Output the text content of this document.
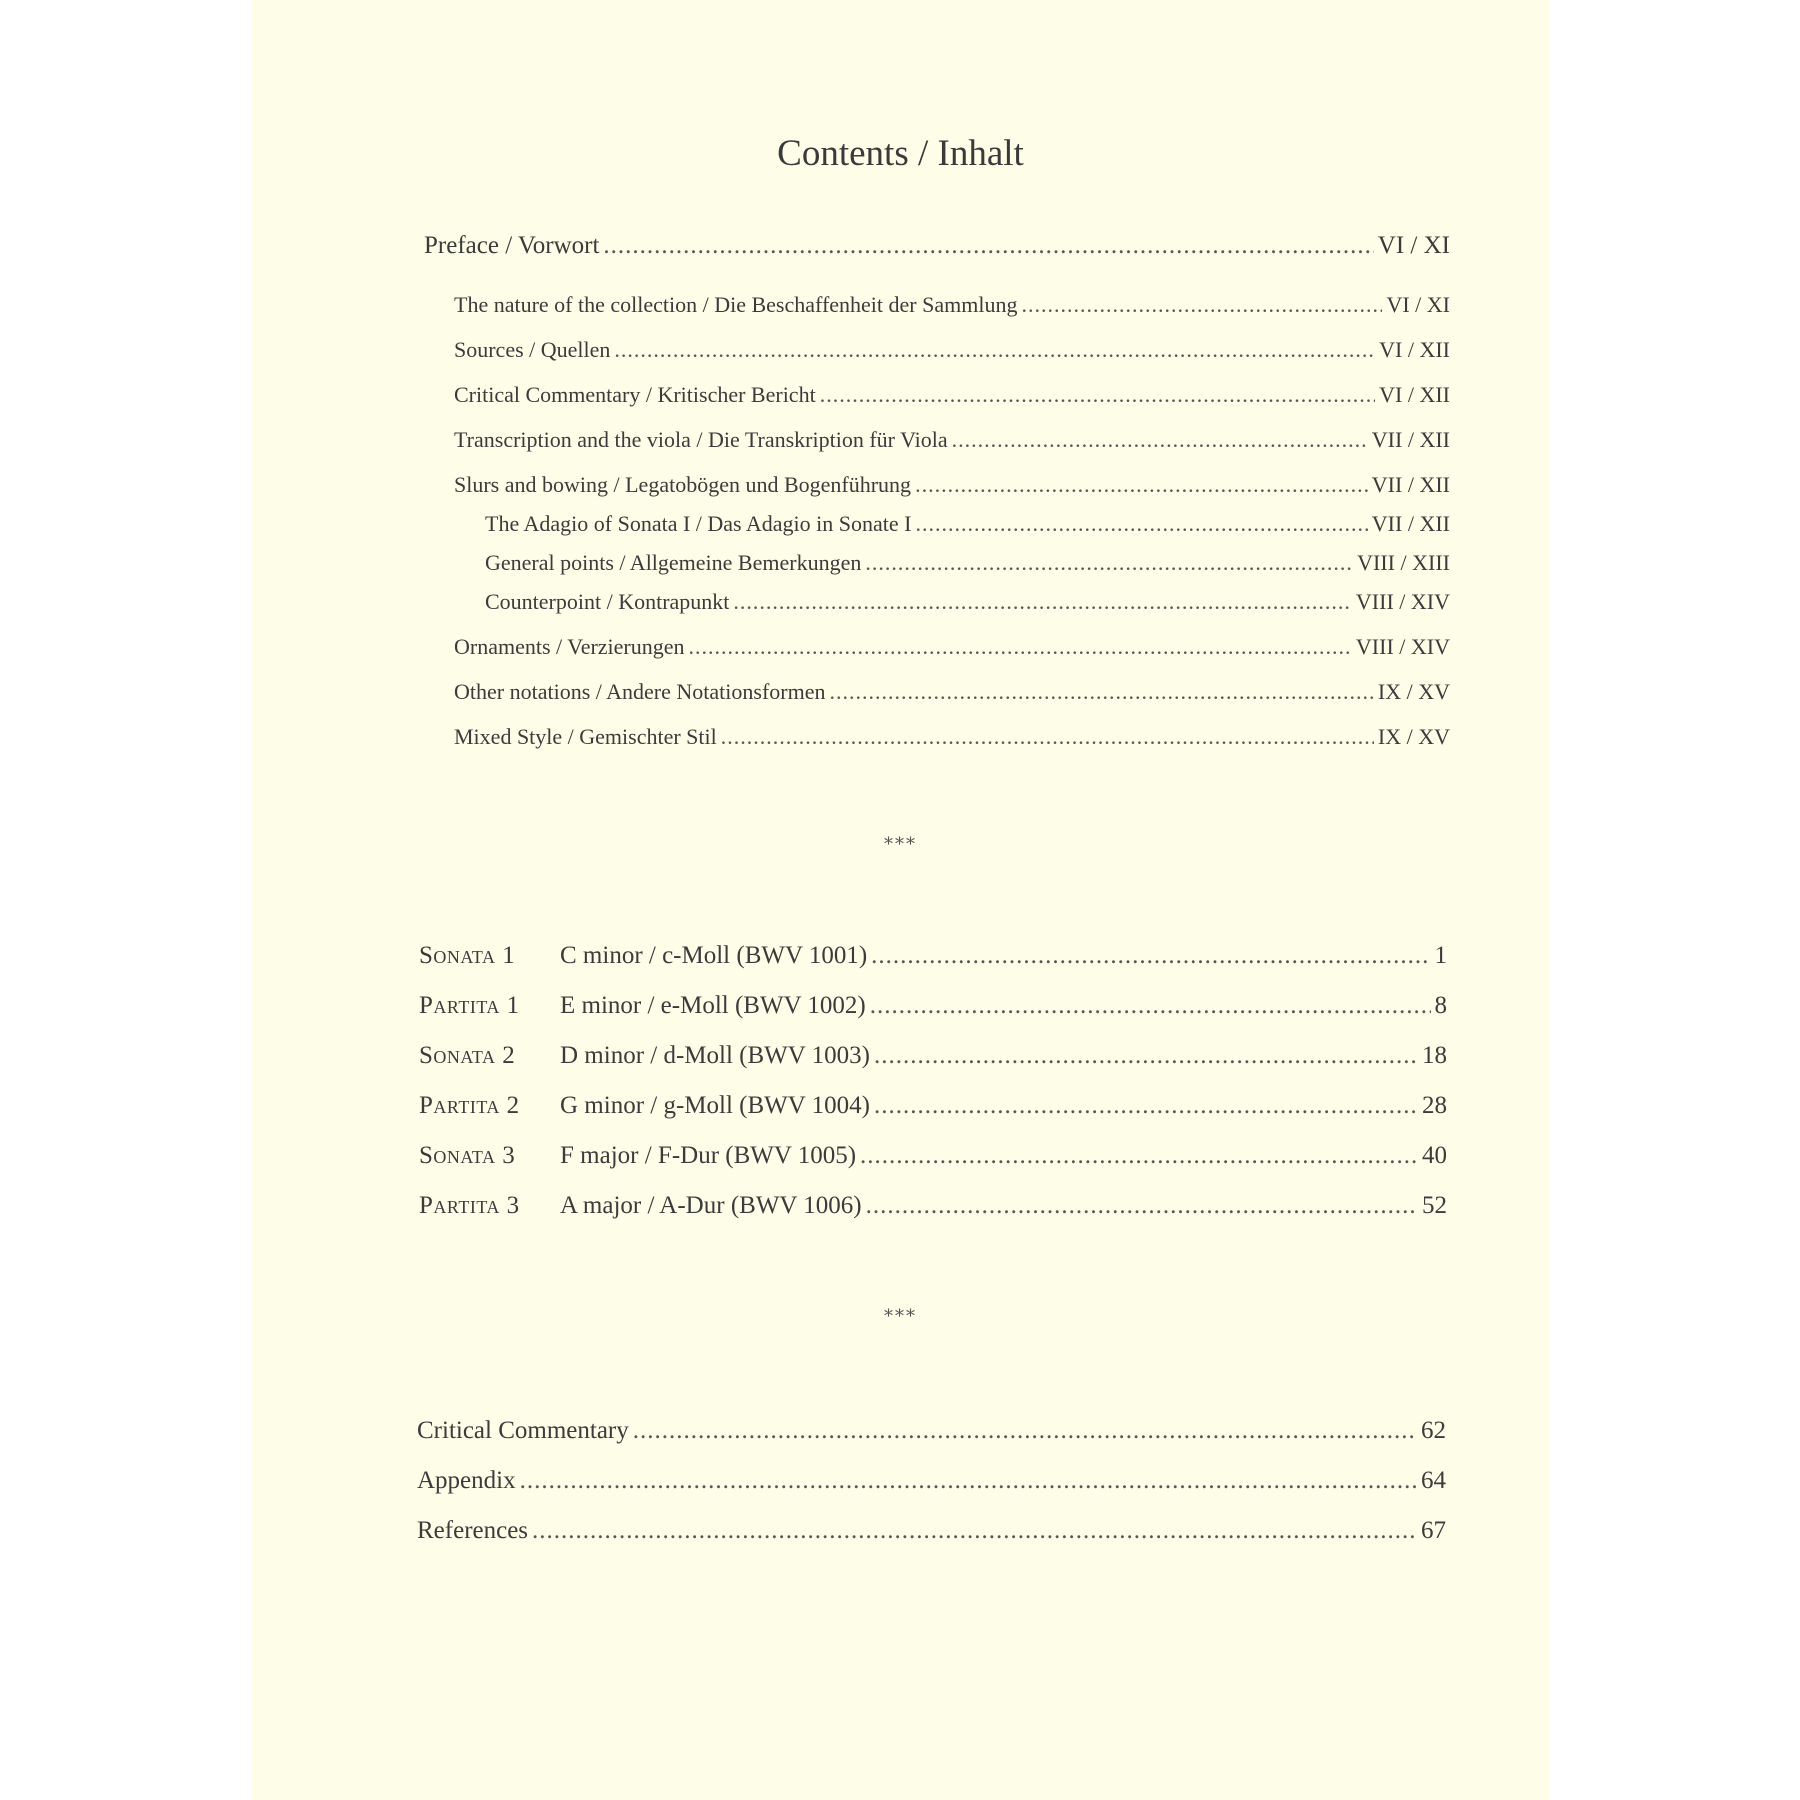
Contents / Inhalt
Preface / Vorwort .....	VI / XI
The nature of the collection / Die Beschaffenheit der Sammlung .....	VI / XI
Sources / Quellen .....	VI / XII
Critical Commentary / Kritischer Bericht .....	VI / XII
Transcription and the viola / Die Transkription für Viola .....	VII / XII
Slurs and bowing / Legatobögen und Bogenführung .....	VII / XII
The Adagio of Sonata I / Das Adagio in Sonate I .....	VII / XII
General points / Allgemeine Bemerkungen .....	VIII / XIII
Counterpoint / Kontrapunkt .....	VIII / XIV
Ornaments / Verzierungen .....	VIII / XIV
Other notations / Andere Notationsformen .....	IX / XV
Mixed Style / Gemischter Stil .....	IX / XV
***
Sonata 1	C minor / c-Moll (BWV 1001) .....	1
Partita 1	E minor / e-Moll (BWV 1002) .....	8
Sonata 2	D minor / d-Moll (BWV 1003) .....	18
Partita 2	G minor / g-Moll (BWV 1004) .....	28
Sonata 3	F major / F-Dur (BWV 1005) .....	40
Partita 3	A major / A-Dur (BWV 1006) .....	52
***
Critical Commentary .....	62
Appendix .....	64
References .....	67
